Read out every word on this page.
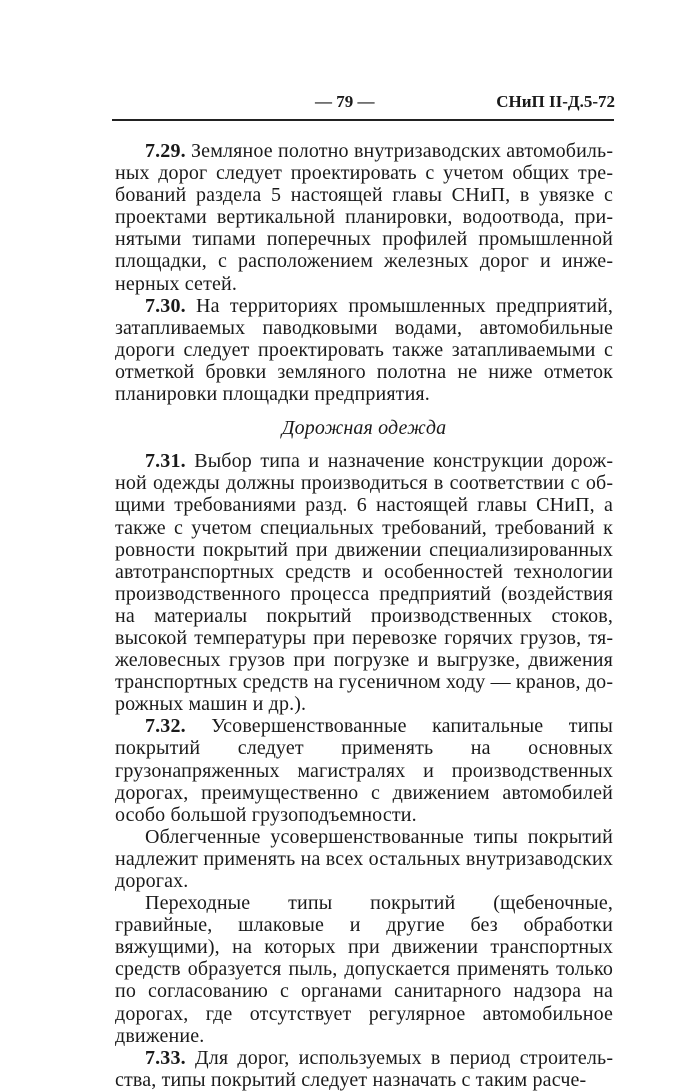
— 79 —	СНиП II-Д.5-72

7.29. Земляное полотно внутризаводских автомобильных дорог следует проектировать с учетом общих требований раздела 5 настоящей главы СНиП, в увязке с проектами вертикальной планировки, водоотвода, принятыми типами поперечных профилей промышленной площадки, с расположением железных дорог и инженерных сетей.

7.30. На территориях промышленных предприятий, затапливаемых паводковыми водами, автомобильные дороги следует проектировать также затапливаемыми с отметкой бровки земляного полотна не ниже отметок планировки площадки предприятия.

Дорожная одежда

7.31. Выбор типа и назначение конструкции дорожной одежды должны производиться в соответствии с общими требованиями разд. 6 настоящей главы СНиП, а также с учетом специальных требований, требований к ровности покрытий при движении специализированных автотранспортных средств и особенностей технологии производственного процесса предприятий (воздействия на материалы покрытий производственных стоков, высокой температуры при перевозке горячих грузов, тяжеловесных грузов при погрузке и выгрузке, движения транспортных средств на гусеничном ходу — кранов, дорожных машин и др.).

7.32. Усовершенствованные капитальные типы покрытий следует применять на основных грузонапряженных магистралях и производственных дорогах, преимущественно с движением автомобилей особо большой грузоподъемности.

Облегченные усовершенствованные типы покрытий надлежит применять на всех остальных внутризаводских дорогах.

Переходные типы покрытий (щебеночные, гравийные, шлаковые и другие без обработки вяжущими), на которых при движении транспортных средств образуется пыль, допускается применять только по согласованию с органами санитарного надзора на дорогах, где отсутствует регулярное автомобильное движение.

7.33. Для дорог, используемых в период строительства, типы покрытий следует назначать с таким расче-
